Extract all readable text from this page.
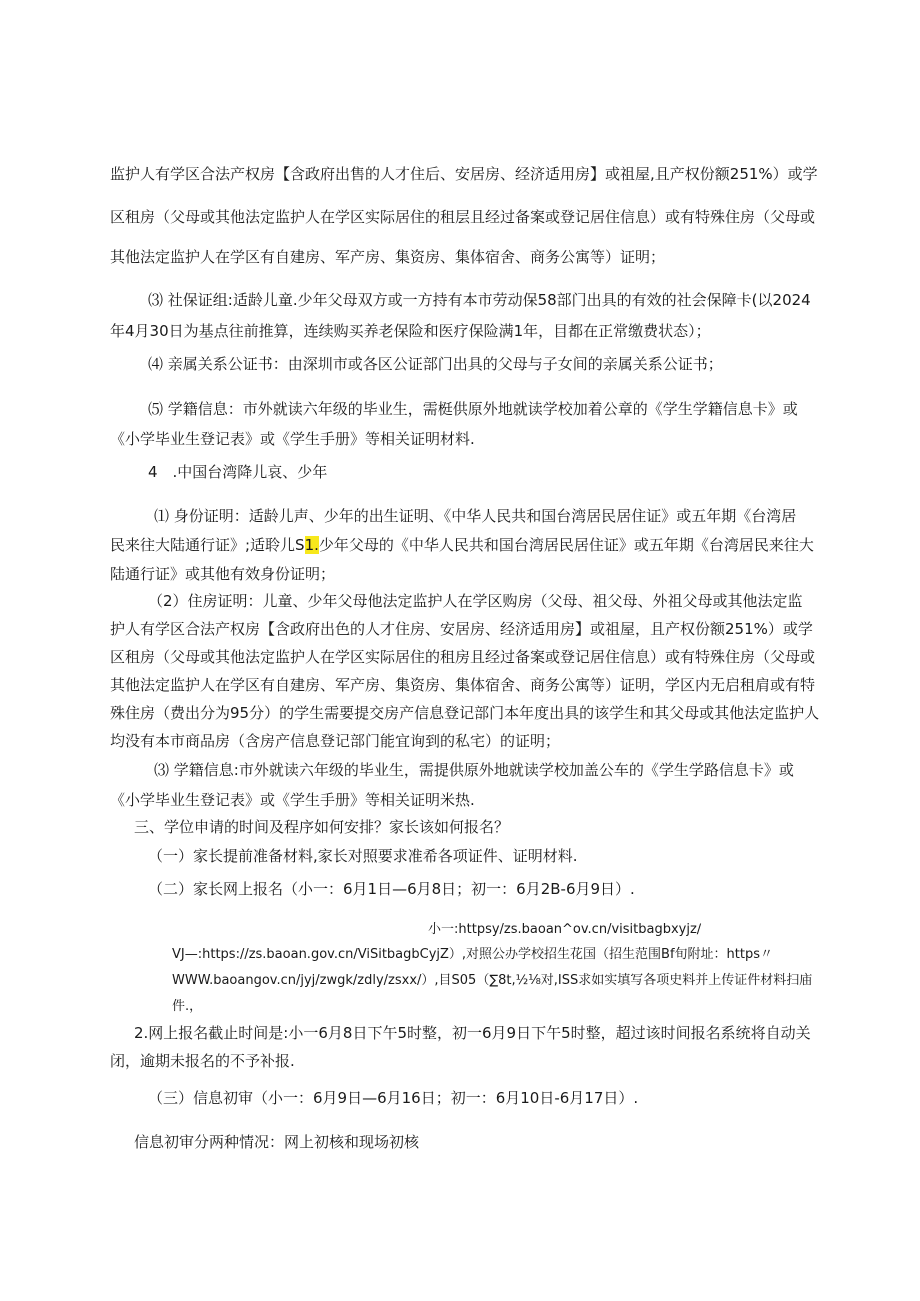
监护人有学区合法产权房【含政府出售的人才住后、安居房、经济适用房】或祖屋,且产权份额251%）或学

区租房（父母或其他法定监护人在学区实际居住的租层且经过备案或登记居住信息）或有特殊住房（父母或

其他法定监护人在学区有自建房、军产房、集资房、集体宿舍、商务公寓等）证明；

⑶ 社保证组:适龄儿童.少年父母双方或一方持有本市劳动保58部门出具的有效的社会保障卡(以2024

年4月30日为基点往前推算，连续购买养老保险和医疗保险满1年，目都在正常缴费状态）；

⑷ 亲属关系公证书：由深圳市或各区公证部门出具的父母与子女间的亲属关系公证书；

⑸ 学籍信息：市外就读六年级的毕业生，需梃供原外地就读学校加着公章的《学生学籍信息卡》或

《小学毕业生登记表》或《学生手册》等相关证明材料.

4　.中国台湾降儿哀、少年

⑴ 身份证明：适龄儿声、少年的出生证明、《中华人民共和国台湾居民居住证》或五年期《台湾居

民来往大陆通行证》;适聆儿S1.少年父母的《中华人民共和国台湾居民居住证》或五年期《台湾居民来往大

陆通行证》或其他有效身份证明；

（2）住房证明：儿童、少年父母他法定监护人在学区购房（父母、祖父母、外祖父母或其他法定监

护人有学区合法产权房【含政府出色的人才住房、安居房、经济适用房】或祖屋，且产权份额251%）或学

区租房（父母或其他法定监护人在学区实际居住的租房且经过备案或登记居住信息）或有特殊住房（父母或

其他法定监护人在学区有自建房、军产房、集资房、集体宿舍、商务公寓等）证明，学区内无启租肩或有特

殊住房（费出分为95分）的学生需要提交房产信息登记部门本年度出具的该学生和其父母或其他法定监护人

均没有本市商品房（含房产信息登记部门能宜询到的私宅）的证明；

⑶ 学籍信息:市外就读六年级的毕业生，需提供原外地就读学校加盖公车的《学生学路信息卡》或

《小学毕业生登记表》或《学生手册》等相关证明米热.

三、学位申请的时间及程序如何安排？家长该如何报名？

（一）家长提前准备材料,家长对照要求准希各项证件、证明材料.

（二）家长网上报名（小一：6月1日—6月8日；初一：6月2B-6月9日）.

小一:httpsy/zs.baoan^ov.cn/visitbagbxyjz∕

VJ—:https://zs.baoan.gov.cn/ViSitbagbCyjZ）,对照公办学校招生花国（招生范围Bf旬附址：https〃

WWW.baoangov.cn/jyj/zwgk/zdly/zsxx/）,目S05（∑8t,½⅛对,ISS求如实填写各项史料并上传证件材料扫庙

件.，

2.网上报名截止时间是:小一6月8日下午5时整，初一6月9日下午5时整，超过该时间报名系统将自动关

闭，逾期未报名的不予补报.

（三）信息初审（小一：6月9日—6月16日；初一：6月10日-6月17日）.

信息初审分两种情况：网上初核和现场初核
